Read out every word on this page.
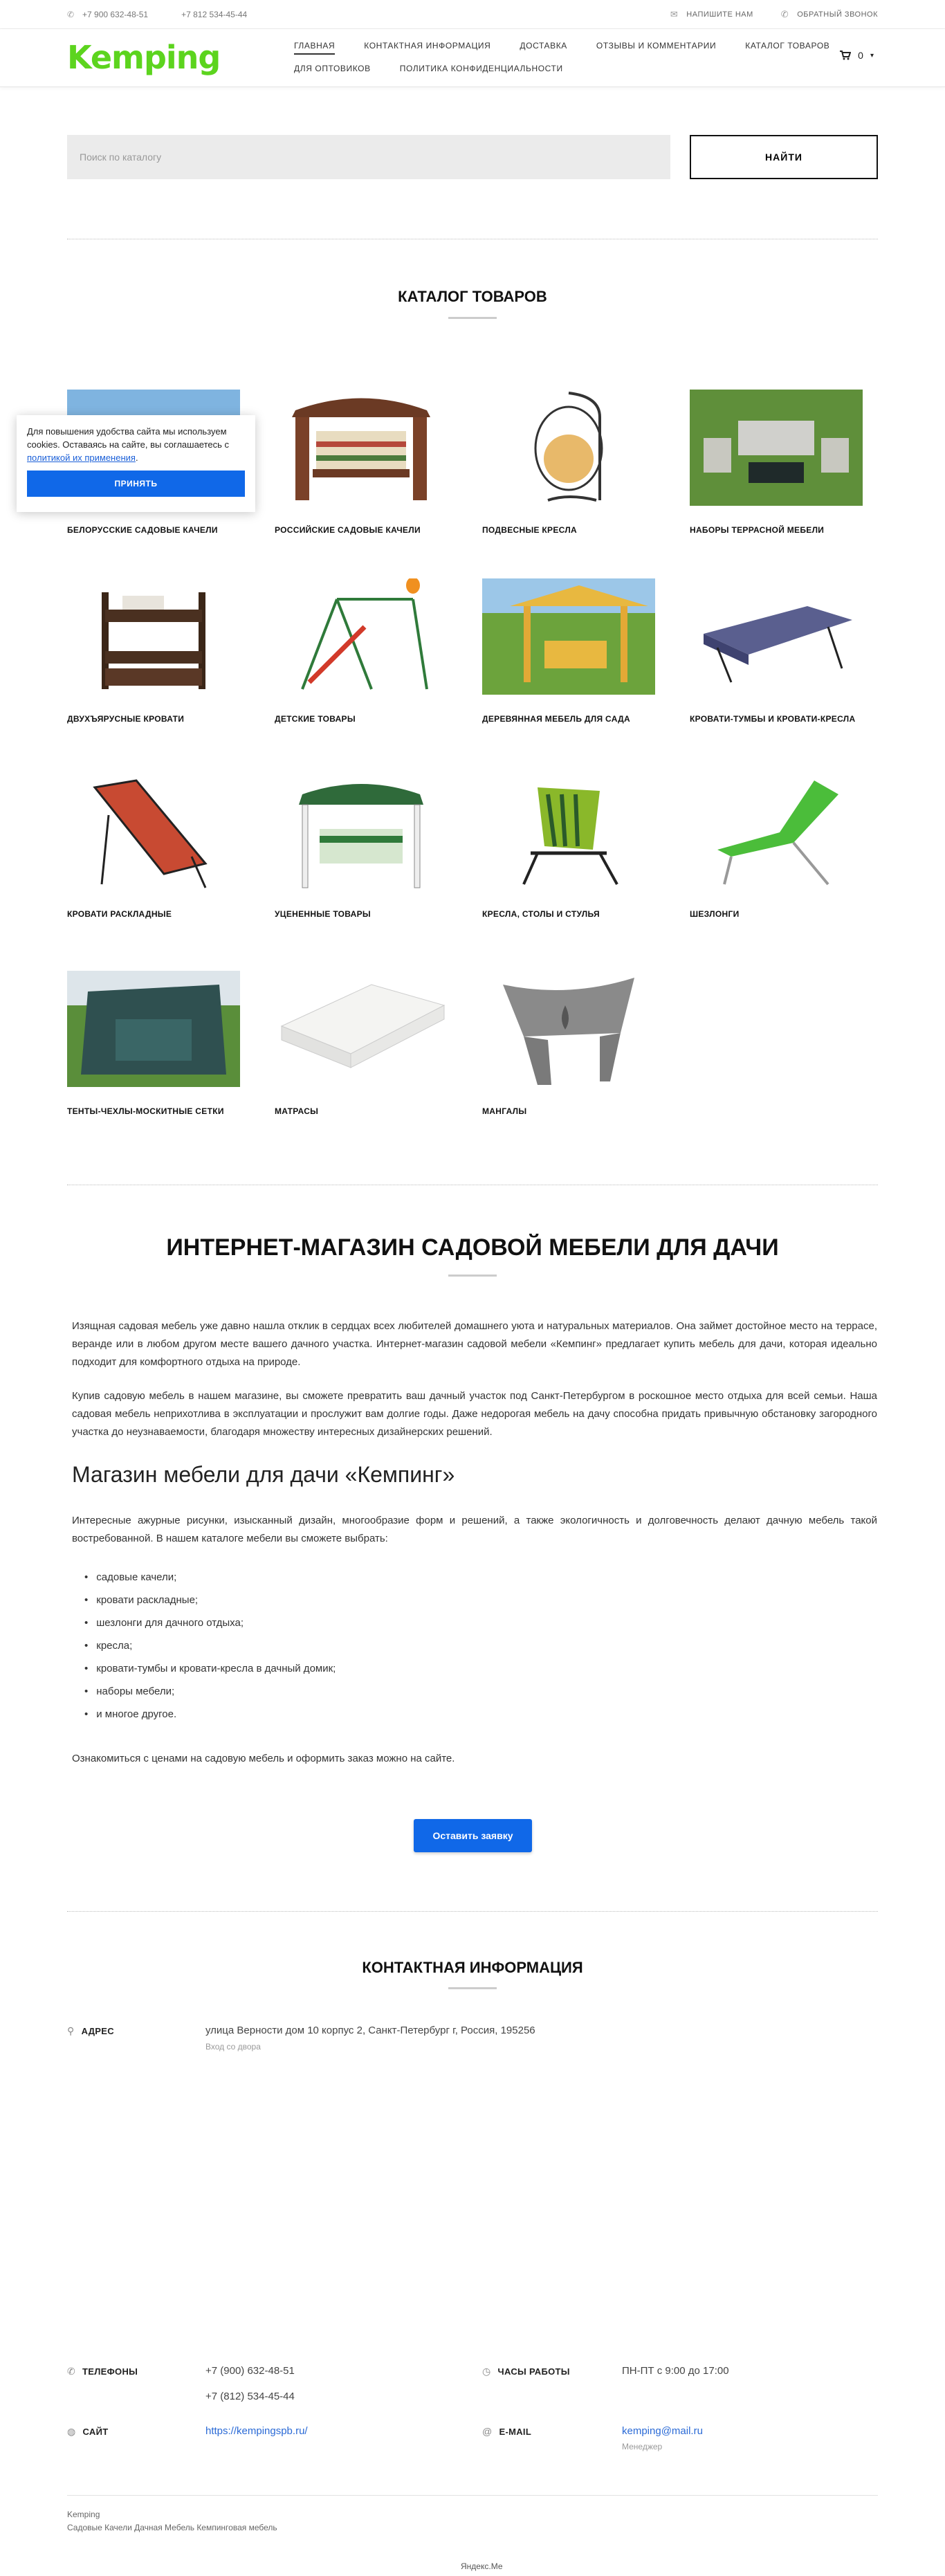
✆ +7 900 632-48-51	+7 812 534-45-44	✉ НАПИШИТЕ НАМ	✆ ОБРАТНЫЙ ЗВОНОК
Kemping	ГЛАВНАЯ	КОНТАКТНАЯ ИНФОРМАЦИЯ	ДОСТАВКА	ОТЗЫВЫ И КОММЕНТАРИИ	КАТАЛОГ ТОВАРОВ
ДЛЯ ОПТОВИКОВ	ПОЛИТИКА КОНФИДЕНЦИАЛЬНОСТИ
0 ▾
Поиск по каталогу
НАЙТИ
КАТАЛОГ ТОВАРОВ
БЕЛОРУССКИЕ САДОВЫЕ КАЧЕЛИ	РОССИЙСКИЕ САДОВЫЕ КАЧЕЛИ	ПОДВЕСНЫЕ КРЕСЛА	НАБОРЫ ТЕРРАСНОЙ МЕБЕЛИ
ДВУХЪЯРУСНЫЕ КРОВАТИ	ДЕТСКИЕ ТОВАРЫ	ДЕРЕВЯННАЯ МЕБЕЛЬ ДЛЯ САДА	КРОВАТИ-ТУМБЫ И КРОВАТИ-КРЕСЛА
КРОВАТИ РАСКЛАДНЫЕ	УЦЕНЕННЫЕ ТОВАРЫ	КРЕСЛА, СТОЛЫ И СТУЛЬЯ	ШЕЗЛОНГИ
ТЕНТЫ-ЧЕХЛЫ-МОСКИТНЫЕ СЕТКИ	МАТРАСЫ	МАНГАЛЫ
Для повышения удобства сайта мы используем cookies. Оставаясь на сайте, вы соглашаетесь с политикой их применения.
ПРИНЯТЬ
ИНТЕРНЕТ-МАГАЗИН САДОВОЙ МЕБЕЛИ ДЛЯ ДАЧИ

Изящная садовая мебель уже давно нашла отклик в сердцах всех любителей домашнего уюта и натуральных материалов. Она займет достойное место на террасе, веранде или в любом другом месте вашего дачного участка. Интернет-магазин садовой мебели «Кемпинг» предлагает купить мебель для дачи, которая идеально подходит для комфортного отдыха на природе.

Купив садовую мебель в нашем магазине, вы сможете превратить ваш дачный участок под Санкт-Петербургом в роскошное место отдыха для всей семьи. Наша садовая мебель неприхотлива в эксплуатации и прослужит вам долгие годы. Даже недорогая мебель на дачу способна придать привычную обстановку загородного участка до неузнаваемости, благодаря множеству интересных дизайнерских решений.

Магазин мебели для дачи «Кемпинг»

Интересные ажурные рисунки, изысканный дизайн, многообразие форм и решений, а также экологичность и долговечность делают дачную мебель такой востребованной. В нашем каталоге мебели вы сможете выбрать:

• садовые качели;
• кровати раскладные;
• шезлонги для дачного отдыха;
• кресла;
• кровати-тумбы и кровати-кресла в дачный домик;
• наборы мебели;
• и многое другое.

Ознакомиться с ценами на садовую мебель и оформить заказ можно на сайте.

Оставить заявку
КОНТАКТНАЯ ИНФОРМАЦИЯ
⚲ АДРЕС	улица Верности дом 10 корпус 2, Санкт-Петербург г, Россия, 195256
Вход со двора
✆ ТЕЛЕФОНЫ	+7 (900) 632-48-51
+7 (812) 534-45-44
◷ ЧАСЫ РАБОТЫ	ПН-ПТ с 9:00 до 17:00
◍ САЙТ	https://kempingspb.ru/	@ E-MAIL	kemping@mail.ru
Менеджер
Kemping
Садовые Качели Дачная Мебель Кемпинговая мебель
Яндекс.Ме
